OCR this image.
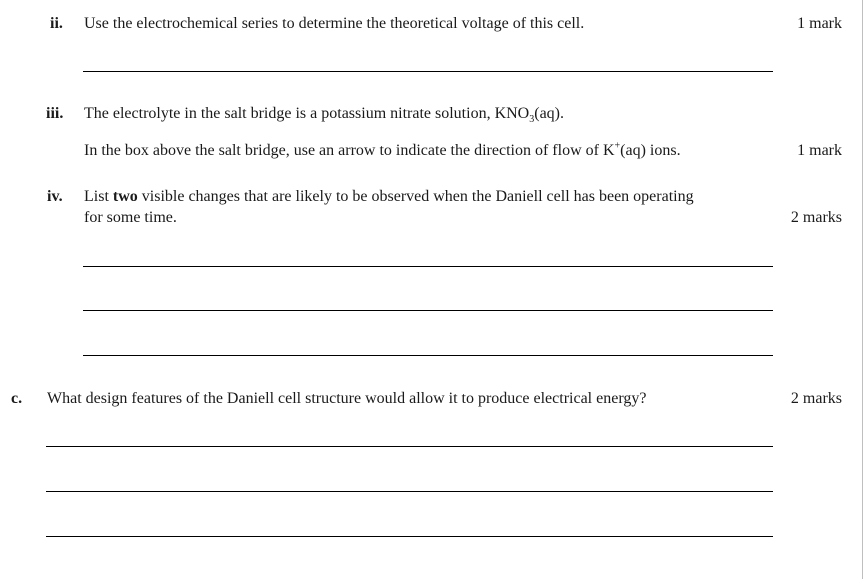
ii. Use the electrochemical series to determine the theoretical voltage of this cell.	1 mark
iii. The electrolyte in the salt bridge is a potassium nitrate solution, $KNO_3(aq)$.
In the box above the salt bridge, use an arrow to indicate the direction of flow of K+(aq) ions.	1 mark
iv. List two visible changes that are likely to be observed when the Daniell cell has been operating
for some time.	2 marks
c. What design features of the Daniell cell structure would allow it to produce electrical energy?	2 marks
